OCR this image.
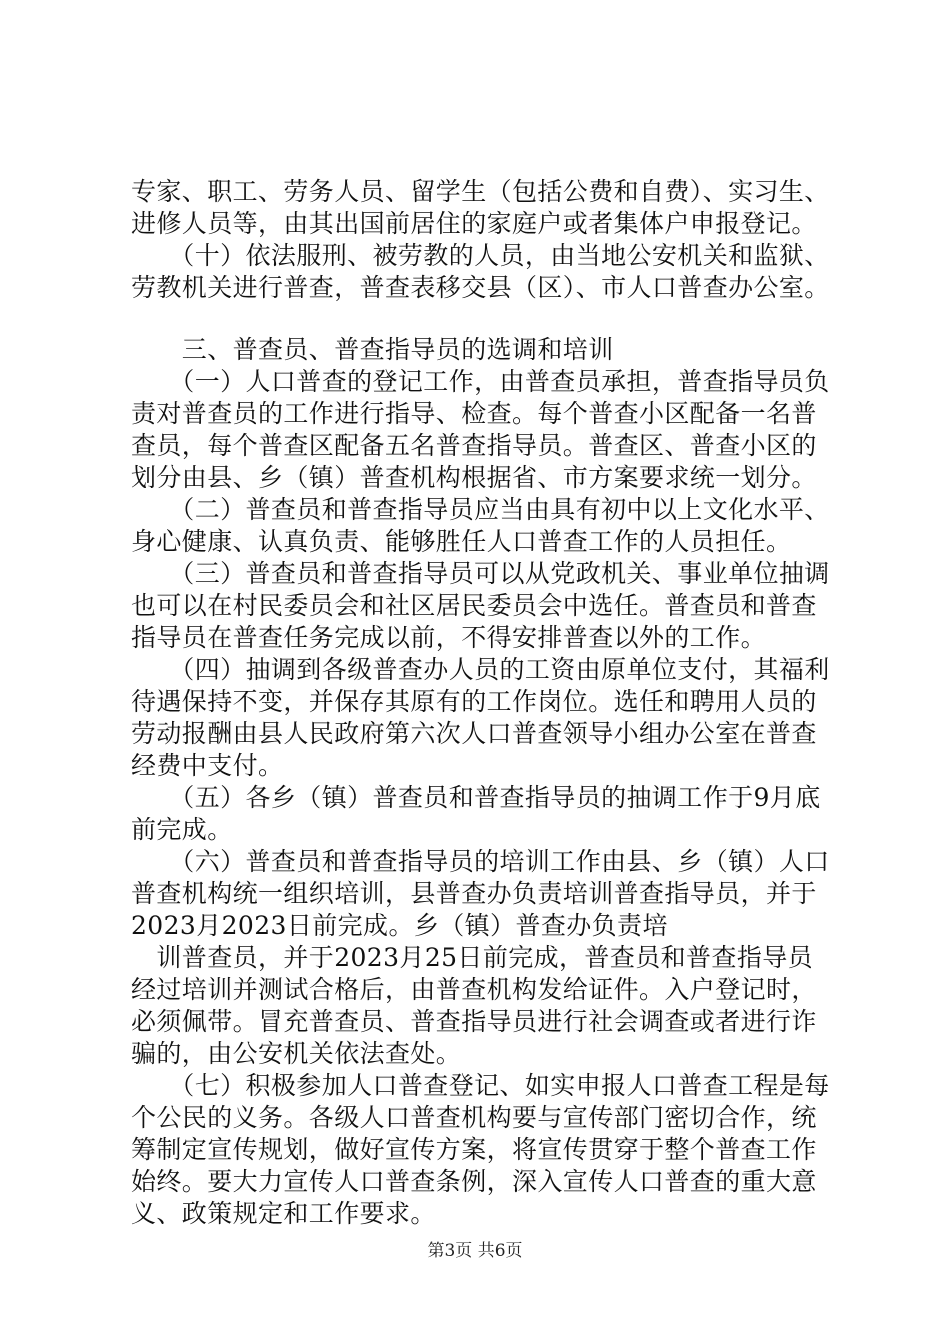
专家、职工、劳务人员、留学生（包括公费和自费）、实习生、
进修人员等，由其出国前居住的家庭户或者集体户申报登记。
　　（十）依法服刑、被劳教的人员，由当地公安机关和监狱、
劳教机关进行普查，普查表移交县（区）、市人口普查办公室。
　　三、普查员、普查指导员的选调和培训
　　（一）人口普查的登记工作，由普查员承担，普查指导员负
责对普查员的工作进行指导、检查。每个普查小区配备一名普
查员，每个普查区配备五名普查指导员。普查区、普查小区的
划分由县、乡（镇）普查机构根据省、市方案要求统一划分。
　　（二）普查员和普查指导员应当由具有初中以上文化水平、
身心健康、认真负责、能够胜任人口普查工作的人员担任。
　　（三）普查员和普查指导员可以从党政机关、事业单位抽调
也可以在村民委员会和社区居民委员会中选任。普查员和普查
指导员在普查任务完成以前，不得安排普查以外的工作。
　　（四）抽调到各级普查办人员的工资由原单位支付，其福利
待遇保持不变，并保存其原有的工作岗位。选任和聘用人员的
劳动报酬由县人民政府第六次人口普查领导小组办公室在普查
经费中支付。
　　（五）各乡（镇）普查员和普查指导员的抽调工作于9月底
前完成。
　　（六）普查员和普查指导员的培训工作由县、乡（镇）人口
普查机构统一组织培训，县普查办负责培训普查指导员，并于
2023月2023日前完成。乡（镇）普查办负责培
　训普查员，并于2023月25日前完成，普查员和普查指导员
经过培训并测试合格后，由普查机构发给证件。入户登记时，
必须佩带。冒充普查员、普查指导员进行社会调查或者进行诈
骗的，由公安机关依法查处。
　　（七）积极参加人口普查登记、如实申报人口普查工程是每
个公民的义务。各级人口普查机构要与宣传部门密切合作，统
筹制定宣传规划，做好宣传方案，将宣传贯穿于整个普查工作
始终。要大力宣传人口普查条例，深入宣传人口普查的重大意
义、政策规定和工作要求。
第3页 共6页
